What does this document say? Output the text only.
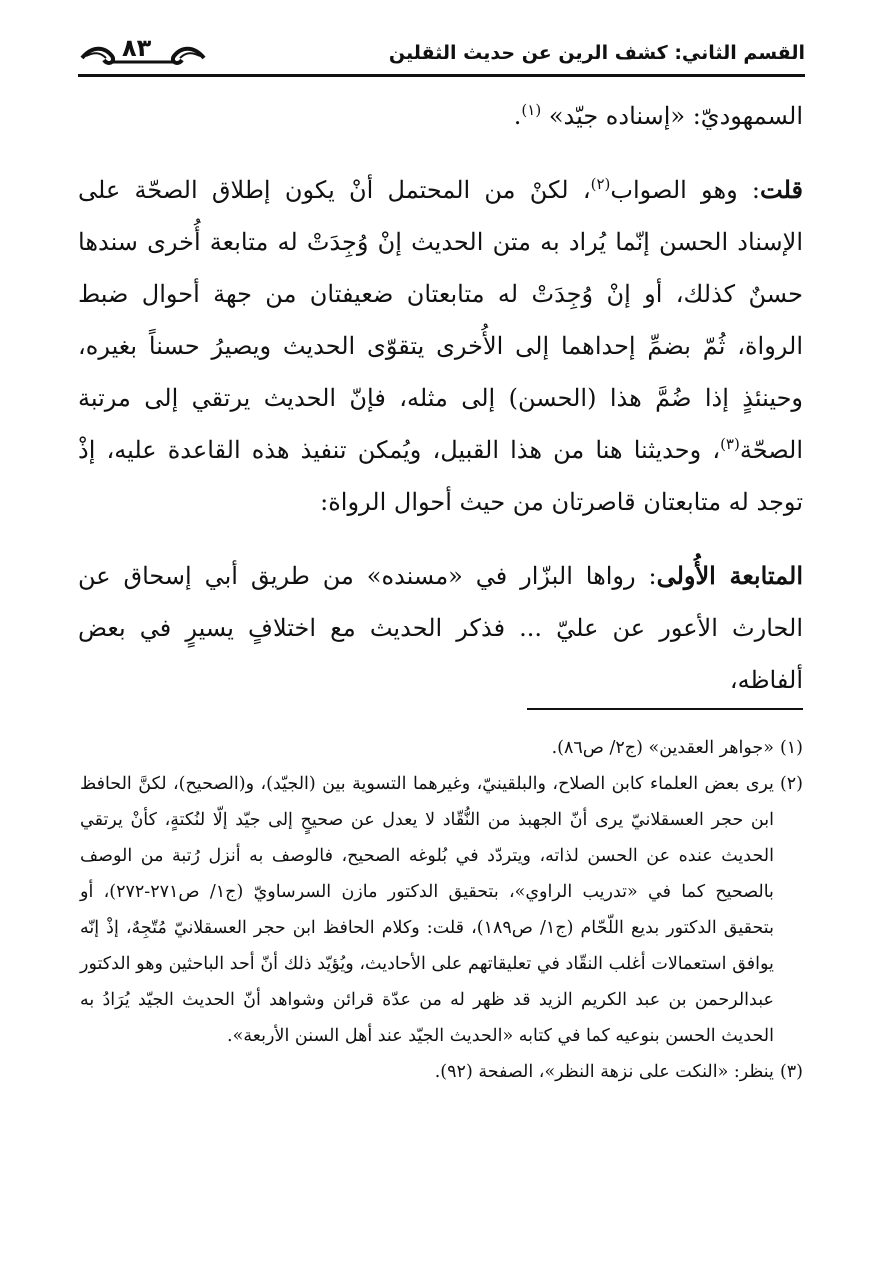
القسم الثاني: كشف الرين عن حديث الثقلين
٨٣

السمهوديّ: «إسناده جيّد» $^{(١)}$.

قلت: وهو الصواب$^{(٢)}$، لكنْ من المحتمل أنْ يكون إطلاق الصحّة على الإسناد الحسن إنّما يُراد به متن الحديث إنْ وُجِدَتْ له متابعة أُخرى سندها حسنٌ كذلك، أو إنْ وُجِدَتْ له متابعتان ضعيفتان من جهة أحوال ضبط الرواة، ثُمّ بضمِّ إحداهما إلى الأُخرى يتقوّى الحديث ويصيرُ حسناً بغيره، وحينئذٍ إذا ضُمَّ هذا (الحسن) إلى مثله، فإنّ الحديث يرتقي إلى مرتبة الصحّة$^{(٣)}$، وحديثنا هنا من هذا القبيل، ويُمكن تنفيذ هذه القاعدة عليه، إذْ توجد له متابعتان قاصرتان من حيث أحوال الرواة:

المتابعة الأُولى: رواها البزّار في «مسنده» من طريق أبي إسحاق عن الحارث الأعور عن عليّ ... فذكر الحديث مع اختلافٍ يسيرٍ في بعض ألفاظه،

(١)
«جواهر العقدين» (ج٢/ ص٨٦).

(٢)
يرى بعض العلماء كابن الصلاح، والبلقينيّ، وغيرهما التسوية بين (الجيّد)، و(الصحيح)، لكنَّ الحافظ ابن حجر العسقلانيّ يرى أنّ الجهبذ من النُّقّاد لا يعدل عن صحيحٍ إلى جيّد إلّا لنُكتةٍ، كأنْ يرتقي الحديث عنده عن الحسن لذاته، ويتردّد في بُلوغه الصحيح، فالوصف به أنزل رُتبة من الوصف بالصحيح كما في «تدريب الراوي»، بتحقيق الدكتور مازن السرساويّ (ج١/ ص٢٧١-٢٧٢)، أو بتحقيق الدكتور بديع اللّحّام (ج١/ ص١٨٩)، قلت: وكلام الحافظ ابن حجر العسقلانيّ مُتّجِهٌ، إذْ إنّه يوافق استعمالات أغلب النقّاد في تعليقاتهم على الأحاديث، ويُؤيّد ذلك أنّ أحد الباحثين وهو الدكتور عبدالرحمن بن عبد الكريم الزيد قد ظهر له من عدّة قرائن وشواهد أنّ الحديث الجيّد يُرَادُ به الحديث الحسن بنوعيه كما في كتابه «الحديث الجيّد عند أهل السنن الأربعة».

(٣)
ينظر: «النكت على نزهة النظر»، الصفحة (٩٢).
